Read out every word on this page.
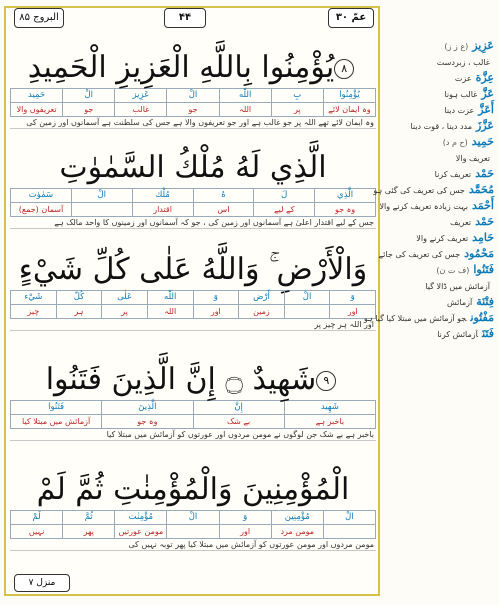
البروج ۸۵	۴۴	عمّ ۳۰
۸يُؤْمِنُوا بِاللَّهِ الْعَزِيزِ الْحَمِيدِ
يُؤْمِنُوا
بِ
اللّٰه
الْ
عَزِيز
الْ
حَمِيد
وہ ایمان لائے
پر
اللہ
جو
غالب
جو
تعریفوں والا
وہ ایمان لائے تھے اللہ پر جو غالب ہے اور جو تعریفوں والا ہے جس کی سلطنت ہے آسمانوں اور زمین کی
الَّذِي لَهُ مُلْكُ السَّمٰوٰتِ
الَّذِي
لَ
هُ
مُلْك
الْ
سَمٰوٰت
وہ جو
کے لیے
اس
اقتدار
آسمان (جمع)
جس کے لیے اقتدار اعلیٰ ہے آسمانوں اور زمین کی ، جو کہ آسمانوں اور زمینوں کا واحد مالک ہے
وَالْأَرْضِ ۚ وَاللَّهُ عَلٰى كُلِّ شَيْءٍ
وَ
الْ
أَرْض
وَ
اللّٰه
عَلٰى
كُلّ
شَيْء
اور
زمین
اور
اللہ
پر
ہر
چیز
اور اللہ ہر چیز پر
۹شَهِيدٌ ۝ إِنَّ الَّذِينَ فَتَنُوا
شَهِيد
إِنَّ
الَّذِينَ
فَتَنُوا
باخبر ہے
بے شک
وہ جو
آزمائش میں مبتلا کیا
باخبر ہے بے شک جن لوگوں نے مومن مردوں اور عورتوں کو آزمائش میں مبتلا کیا
الْمُؤْمِنِينَ وَالْمُؤْمِنٰتِ ثُمَّ لَمْ
الْ
مُؤْمِنِين
وَ
الْ
مُؤْمِنٰت
ثُمَّ
لَمْ
مومن مرد
اور
مومن عورتیں
پھر
نہیں
مومن مردوں اور مومن عورتوں کو آزمائش میں مبتلا کیا پھر توبہ نہیں کی
منزل ۷
عَزِيز(ع ز ز)
غالب ، زبردست
عِزَّةعزت
عَزَّغالب ہونا
أَعَزَّعزت دینا
عَزَّزَمدد دینا ، قوت دینا
حَمِيد(ح م د)
تعریف والا
حَمْدتعریف کرنا
مُحَمَّدجس کی تعریف کی گئی ہو
أَحْمَدبہت زیادہ تعریف کرنے والا
حَمْدتعریف
حَامِدتعریف کرنے والا
مَحْمُودجس کی تعریف کی جائے
فَتَنُوا(ف ت ن)
آزمائش میں ڈالا گیا
فِتْنَةآزمائش
مَفْتُونجو آزمائش میں مبتلا کیا گیا ہو
فَتَنَآزمائش کرنا
